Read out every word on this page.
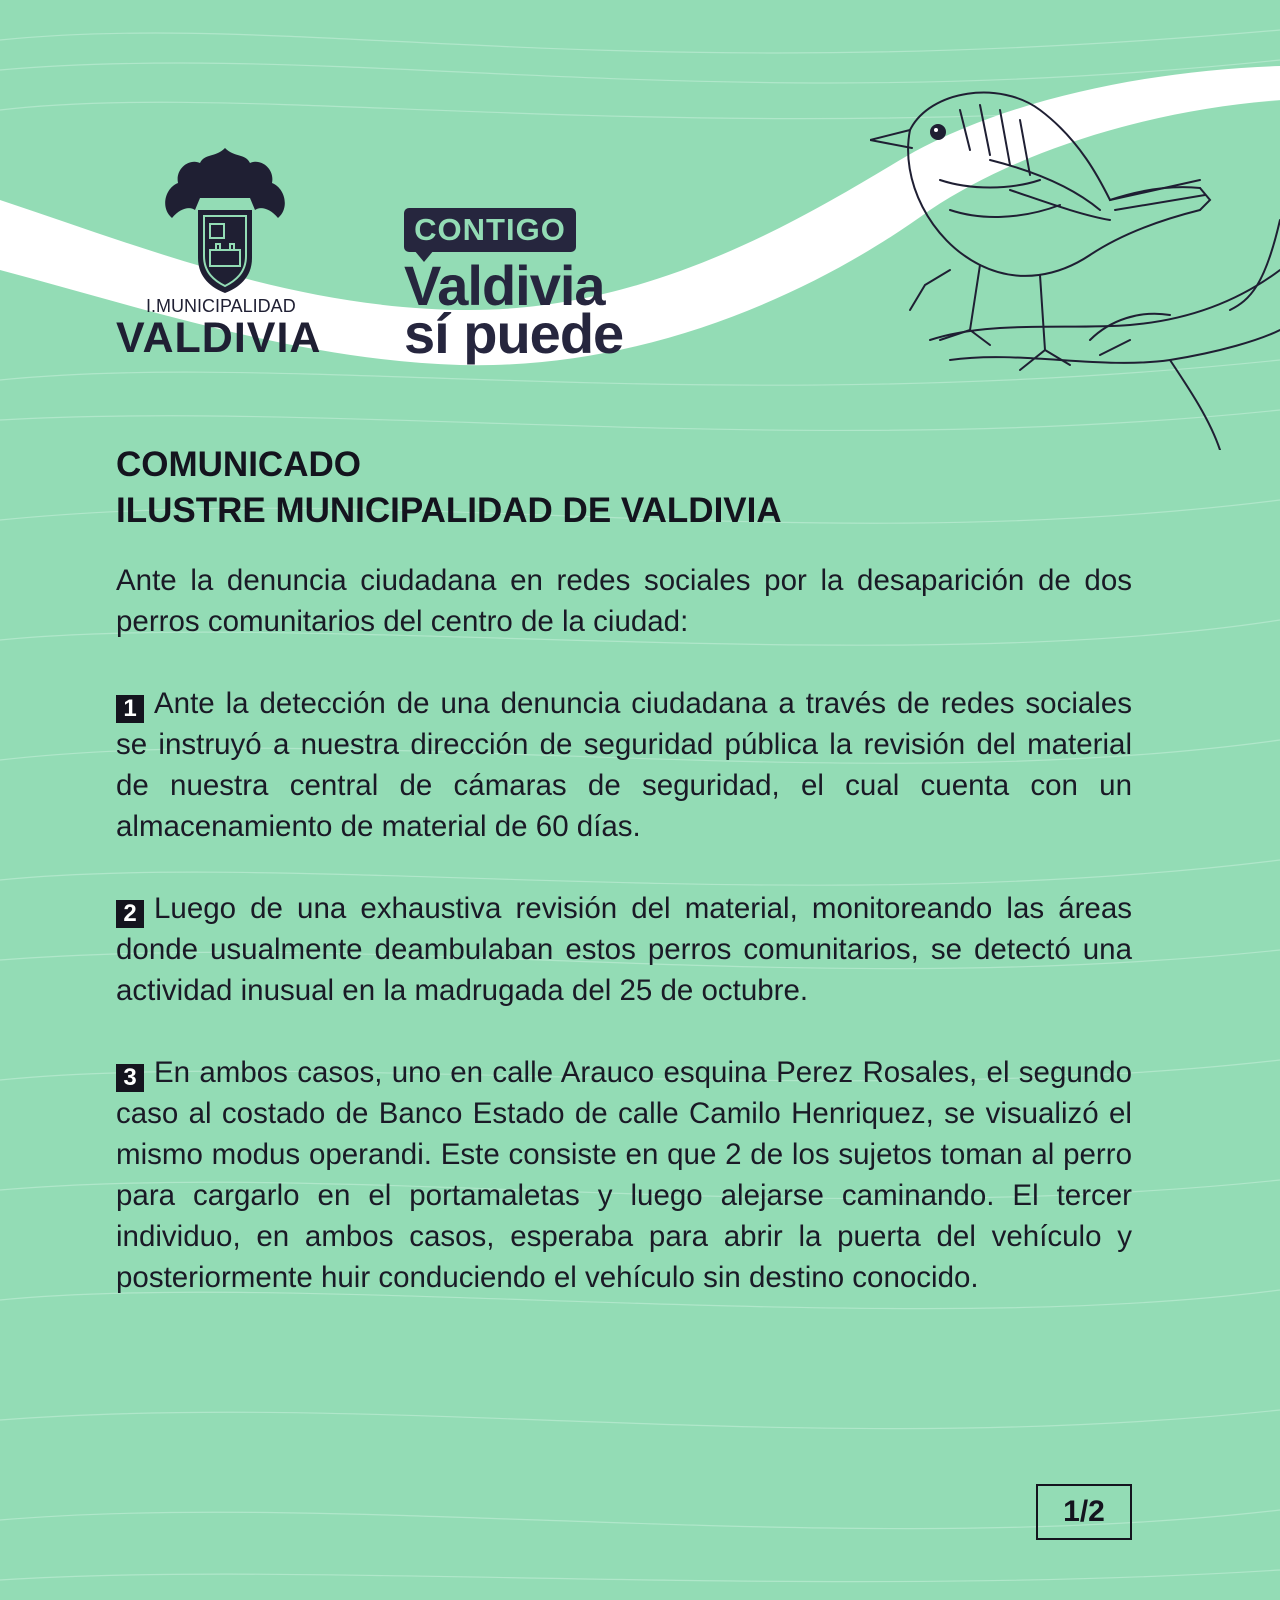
I.MUNICIPALIDAD
VALDIVIA
CONTIGO
Valdivia
sí puede
COMUNICADO
ILUSTRE MUNICIPALIDAD DE VALDIVIA

Ante la denuncia ciudadana en redes sociales por la desaparición de dos perros comunitarios del centro de la ciudad:

1 Ante la detección de una denuncia ciudadana a través de redes sociales se instruyó a nuestra dirección de seguridad pública la revisión del material de nuestra central de cámaras de seguridad, el cual cuenta con un almacenamiento de material de 60 días.

2 Luego de una exhaustiva revisión del material, monitoreando las áreas donde usualmente deambulaban estos perros comunitarios, se detectó una actividad inusual en la madrugada del 25 de octubre.

3 En ambos casos, uno en calle Arauco esquina Perez Rosales, el segundo caso al costado de Banco Estado de calle Camilo Henriquez, se visualizó el mismo modus operandi. Este consiste en que 2 de los sujetos toman al perro para cargarlo en el portamaletas y luego alejarse caminando. El tercer individuo, en ambos casos, esperaba para abrir la puerta del vehículo y posteriormente huir conduciendo el vehículo sin destino conocido.

1/2
